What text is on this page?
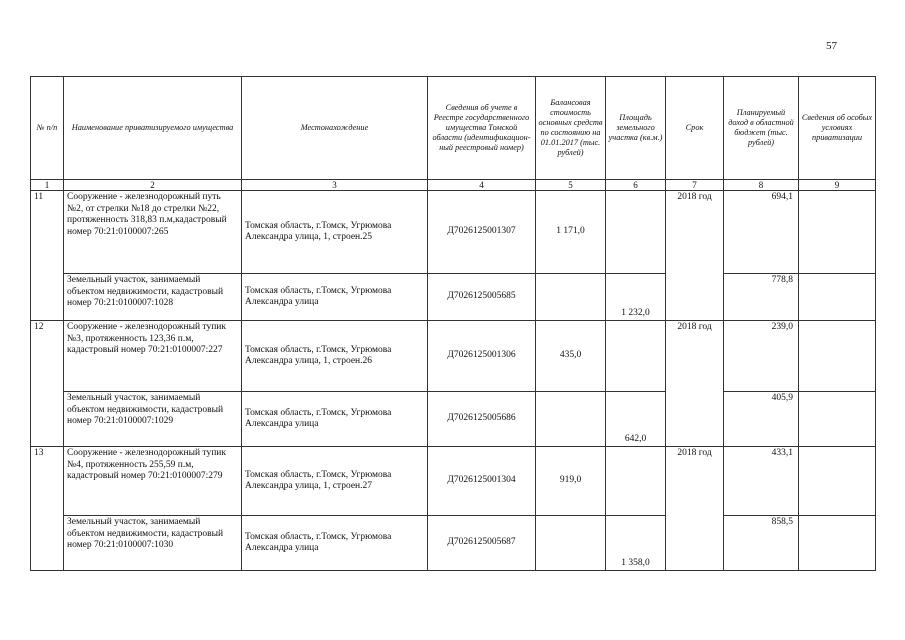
57
№ п/п	Наименование приватизируемого имущества	Местонахождение	Сведения об учете в Реестре государственного имущества Томской области (идентификацион-ный реестровый номер)	Балансовая стоимость основных средств по состоянию на 01.01.2017 (тыс. рублей)	Площадь земельного участка (кв.м.)	Срок	Планируемый доход в областной бюджет (тыс. рублей)	Сведения об особых условиях приватизации
1	2	3	4	5	6	7	8	9
11	Сооружение - железнодорожный путь №2, от стрелки №18 до стрелки №22, протяженность 318,83 п.м,кадастровый номер 70:21:0100007:265	Томская область, г.Томск, Угрюмова Александра улица, 1, строен.25	Д7026125001307	1 171,0		2018 год	694,1	
	Земельный участок, занимаемый объектом недвижимости, кадастровый номер 70:21:0100007:1028	Томская область, г.Томск, Угрюмова Александра улица	Д7026125005685		1 232,0		778,8	
12	Сооружение - железнодорожный тупик №3, протяженность 123,36 п.м, кадастровый номер 70:21:0100007:227	Томская область, г.Томск, Угрюмова Александра улица, 1, строен.26	Д7026125001306	435,0		2018 год	239,0	
	Земельный участок, занимаемый объектом недвижимости, кадастровый номер 70:21:0100007:1029	Томская область, г.Томск, Угрюмова Александра улица	Д7026125005686		642,0		405,9	
13	Сооружение - железнодорожный тупик №4, протяженность 255,59 п.м, кадастровый номер 70:21:0100007:279	Томская область, г.Томск, Угрюмова Александра улица, 1, строен.27	Д7026125001304	919,0		2018 год	433,1	
	Земельный участок, занимаемый объектом недвижимости, кадастровый номер 70:21:0100007:1030	Томская область, г.Томск, Угрюмова Александра улица	Д7026125005687		1 358,0		858,5	
